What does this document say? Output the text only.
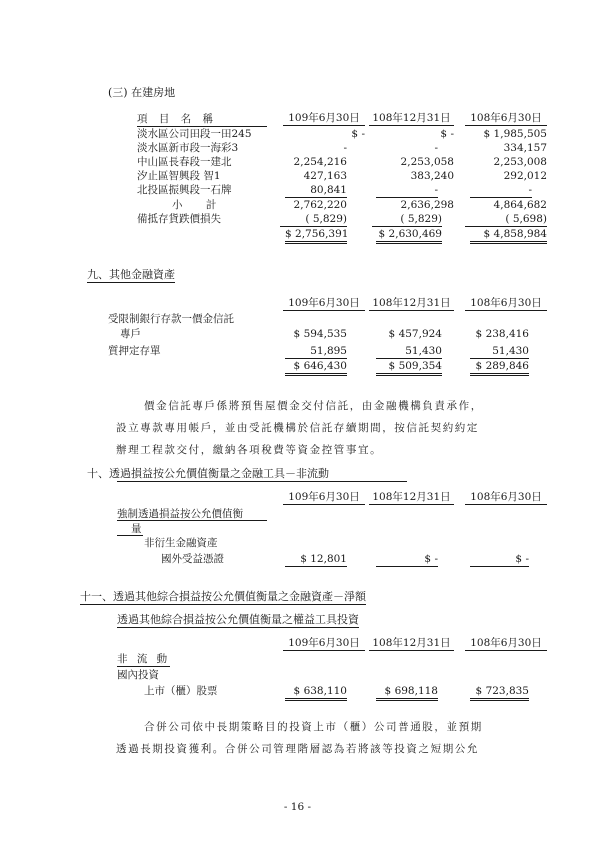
(三) 在建房地
項 目 名 稱	109年6月30日	108年12月31日	108年6月30日
淡水區公司田段一田245	$ -	$ -	$ 1,985,505
淡水區新市段一海彩3	-	-	334,157
中山區長春段一建北	2,254,216	2,253,058	2,253,008
汐止區智興段 智1	427,163	383,240	292,012
北投區振興段一石牌	80,841	-	-
小 計	2,762,220	2,636,298	4,864,682
備抵存貨跌價損失	( 5,829)	( 5,829)	( 5,698)
$ 2,756,391	$ 2,630,469	$ 4,858,984
九、其他金融資產
109年6月30日	108年12月31日	108年6月30日
受限制銀行存款一價金信託
專戶	$ 594,535	$ 457,924	$ 238,416
質押定存單	51,895	51,430	51,430
$ 646,430	$ 509,354	$ 289,846
價金信託專戶係將預售屋價金交付信託，由金融機構負責承作，
設立專款專用帳戶，並由受託機構於信託存續期間，按信託契約約定
辦理工程款交付，繳納各項稅費等資金控管事宜。
十、透過損益按公允價值衡量之金融工具－非流動
109年6月30日	108年12月31日	108年6月30日
強制透過損益按公允價值衡
量
非衍生金融資產
國外受益憑證	$ 12,801	$ -	$ -
十一、透過其他綜合損益按公允價值衡量之金融資產－淨額
透過其他綜合損益按公允價值衡量之權益工具投資
109年6月30日	108年12月31日	108年6月30日
非 流 動
國內投資
上市（櫃）股票	$ 638,110	$ 698,118	$ 723,835
合併公司依中長期策略目的投資上市（櫃）公司普通股，並預期
透過長期投資獲利。合併公司管理階層認為若將該等投資之短期公允
- 16 -
